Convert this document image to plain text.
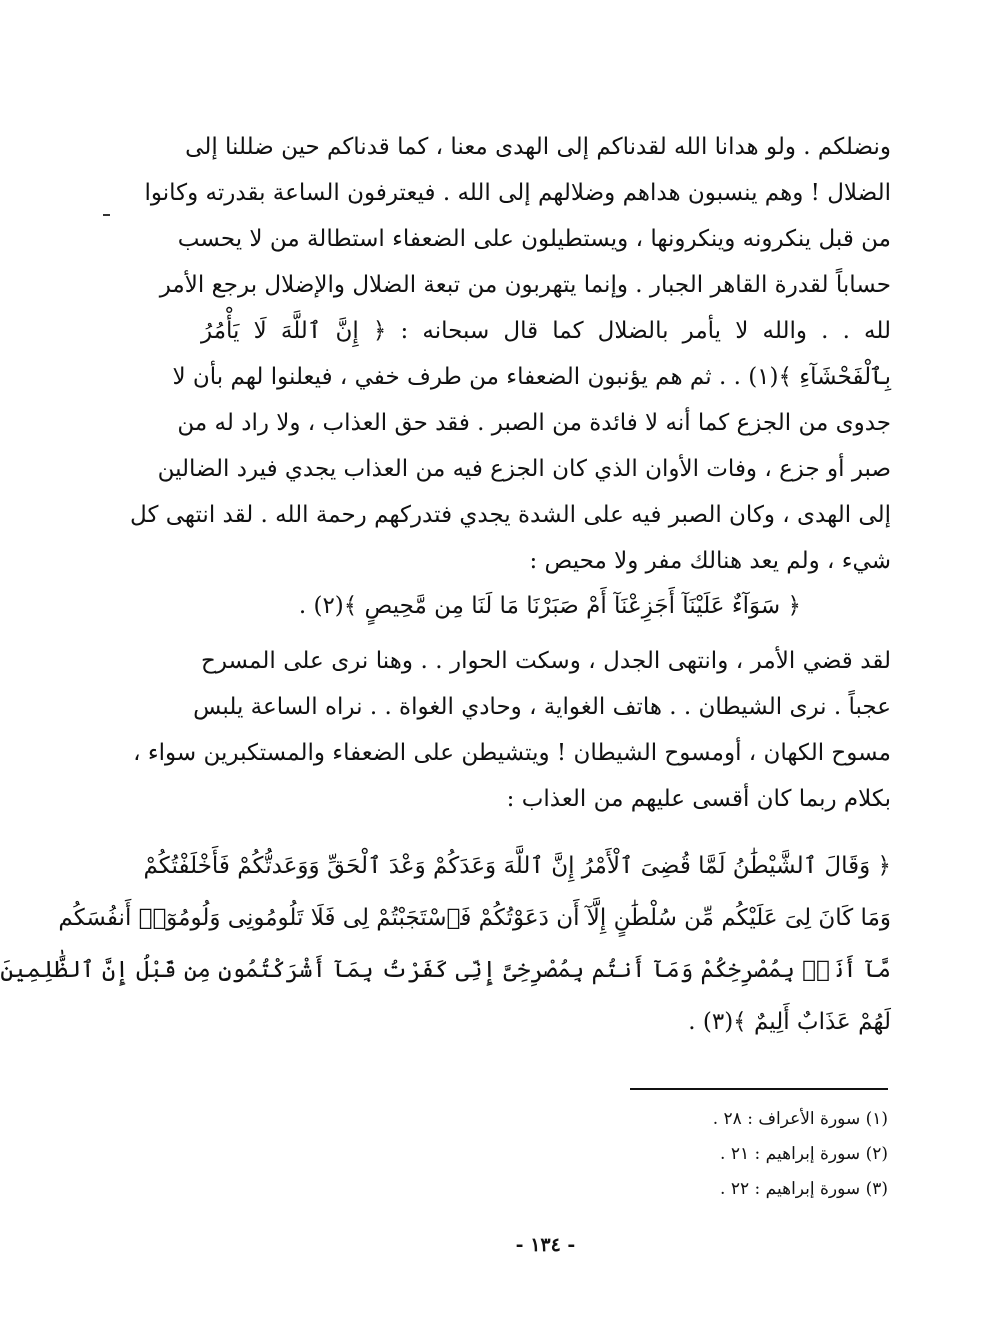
ونضلكم . ولو هدانا الله لقدناكم إلى الهدى معنا ، كما قدناكم حين ضللنا إلى
الضلال ! وهم ينسبون هداهم وضلالهم إلى الله . فيعترفون الساعة بقدرته وكانوا
من قبل ينكرونه وينكرونها ، ويستطيلون على الضعفاء استطالة من لا يحسب
حساباً لقدرة القاهر الجبار . وإنما يتهربون من تبعة الضلال والإضلال برجع الأمر
لله . . والله لا يأمر بالضلال كما قال سبحانه : ﴿ إِنَّ ٱللَّهَ لَا يَأْمُرُ
بِٱلْفَحْشَآءِ ﴾(١) . . ثم هم يؤنبون الضعفاء من طرف خفي ، فيعلنوا لهم بأن لا
جدوى من الجزع كما أنه لا فائدة من الصبر . فقد حق العذاب ، ولا راد له من
صبر أو جزع ، وفات الأوان الذي كان الجزع فيه من العذاب يجدي فيرد الضالين
إلى الهدى ، وكان الصبر فيه على الشدة يجدي فتدركهم رحمة الله . لقد انتهى كل
شيء ، ولم يعد هنالك مفر ولا محيص :

﴿ سَوَآءٌ عَلَيْنَآ أَجَزِعْنَآ أَمْ صَبَرْنَا مَا لَنَا مِن مَّحِيصٍ ﴾(٢) .

لقد قضي الأمر ، وانتهى الجدل ، وسكت الحوار . . وهنا نرى على المسرح
عجباً . نرى الشيطان . . هاتف الغواية ، وحادي الغواة . . نراه الساعة يلبس
مسوح الكهان ، أومسوح الشيطان ! ويتشيطن على الضعفاء والمستكبرين سواء ،
بكلام ربما كان أقسى عليهم من العذاب :

﴿ وَقَالَ ٱلشَّيْطَٰنُ لَمَّا قُضِىَ ٱلْأَمْرُ إِنَّ ٱللَّهَ وَعَدَكُمْ وَعْدَ ٱلْحَقِّ وَوَعَدتُّكُمْ فَأَخْلَفْتُكُمْ
وَمَا كَانَ لِىَ عَلَيْكُم مِّن سُلْطَٰنٍ إِلَّآ أَن دَعَوْتُكُمْ فَٱسْتَجَبْتُمْ لِى فَلَا تَلُومُونِى وَلُومُوٓا۟ أَنفُسَكُم
مَّآ أَنَا۠ بِمُصْرِخِكُمْ وَمَآ أَنتُم بِمُصْرِخِىَّ إِنِّى كَفَرْتُ بِمَآ أَشْرَكْتُمُونِ مِن قَبْلُ إِنَّ ٱلظَّٰلِمِينَ
لَهُمْ عَذَابٌ أَلِيمٌ ﴾(٣) .

(١) سورة الأعراف : ٢٨ .
(٢) سورة إبراهيم : ٢١ .
(٣) سورة إبراهيم : ٢٢ .
- ١٣٤ -
